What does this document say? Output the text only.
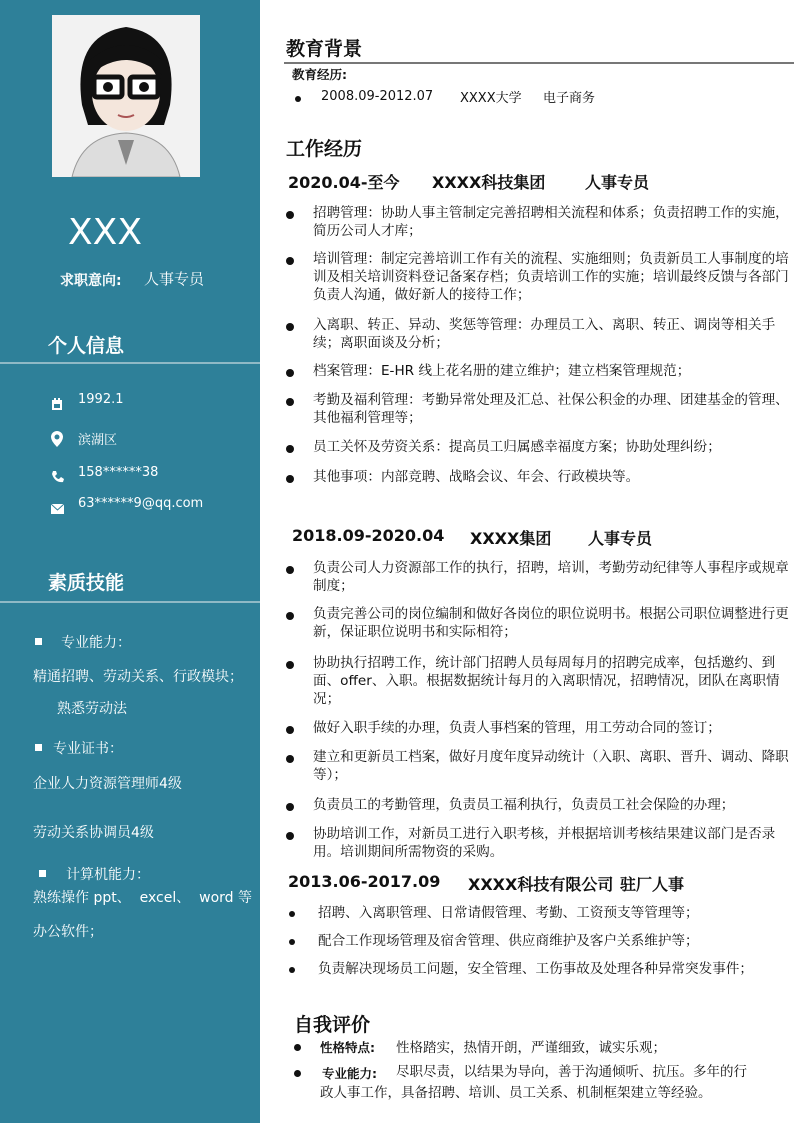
XXX
求职意向: 人事专员
个人信息
1992.1
滨湖区
158******38
63******9@qq.com
素质技能
专业能力：
精通招聘、劳动关系、行政模块；
熟悉劳动法
专业证书：
企业人力资源管理师4级
劳动关系协调员4级
计算机能力：
熟练操作 ppt、  excel、  word 等
办公软件；
教育背景
教育经历:
2008.09-2012.07 XXXX大学 电子商务
工作经历
2020.04-至今 XXXX科技集团 人事专员
招聘管理：协助人事主管制定完善招聘相关流程和体系；负责招聘工作的实施，简历公司人才库；
培训管理：制定完善培训工作有关的流程、实施细则；负责新员工人事制度的培训及相关培训资料登记备案存档；负责培训工作的实施；培训最终反馈与各部门负责人沟通，做好新人的接待工作；
入离职、转正、异动、奖惩等管理：办理员工入、离职、转正、调岗等相关手续；离职面谈及分析；
档案管理：E-HR 线上花名册的建立维护；建立档案管理规范；
考勤及福利管理：考勤异常处理及汇总、社保公积金的办理、团建基金的管理、其他福利管理等；
员工关怀及劳资关系：提高员工归属感幸福度方案；协助处理纠纷；
其他事项：内部竞聘、战略会议、年会、行政模块等。
2018.09-2020.04 XXXX集团 人事专员
负责公司人力资源部工作的执行，招聘，培训，考勤劳动纪律等人事程序或规章制度；
负责完善公司的岗位编制和做好各岗位的职位说明书。根据公司职位调整进行更新，保证职位说明书和实际相符；
协助执行招聘工作，统计部门招聘人员每周每月的招聘完成率，包括邀约、到面、offer、入职。根据数据统计每月的入离职情况，招聘情况，团队在离职情况；
做好入职手续的办理，负责人事档案的管理，用工劳动合同的签订；
建立和更新员工档案，做好月度年度异动统计（入职、离职、晋升、调动、降职等）；
负责员工的考勤管理，负责员工福利执行，负责员工社会保险的办理；
协助培训工作，对新员工进行入职考核，并根据培训考核结果建议部门是否录用。培训期间所需物资的采购。
2013.06-2017.09 XXXX科技有限公司 驻厂人事
招聘、入离职管理、日常请假管理、考勤、工资预支等管理等；
配合工作现场管理及宿舍管理、供应商维护及客户关系维护等；
负责解决现场员工问题，安全管理、工伤事故及处理各种异常突发事件；
自我评价
性格特点: 性格踏实，热情开朗，严谨细致，诚实乐观；
专业能力:	尽职尽责，以结果为导向，善于沟通倾听、抗压。多年的行政人事工作，具备招聘、培训、员工关系、机制框架建立等经验。
